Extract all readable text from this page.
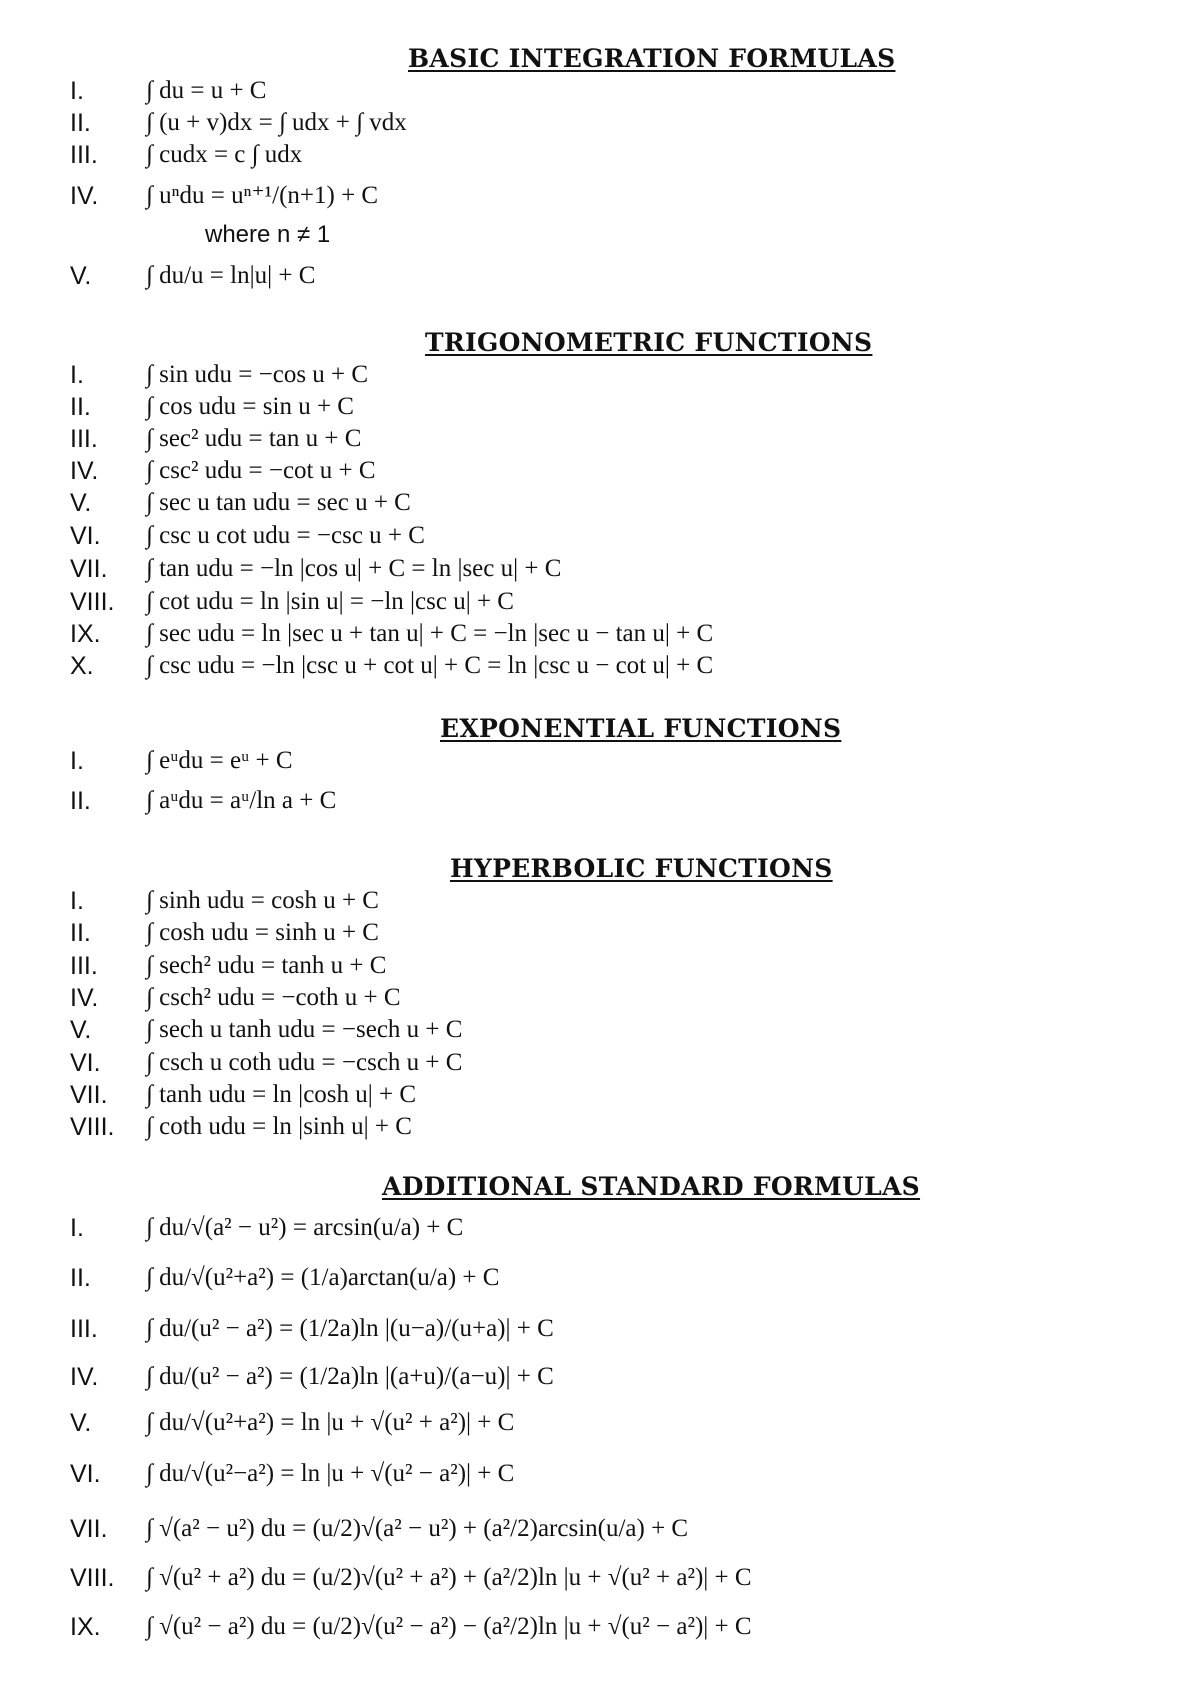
BASIC INTEGRATION FORMULAS
I. ∫ du = u + C
II. ∫ (u + v)dx = ∫ udx + ∫ vdx
III. ∫ cudx = c ∫ udx
IV. ∫ uⁿdu = uⁿ⁺¹/(n+1) + C
where n ≠ 1
V. ∫ du/u = ln|u| + C
TRIGONOMETRIC FUNCTIONS
I. ∫ sin udu = −cos u + C
II. ∫ cos udu = sin u + C
III. ∫ sec² udu = tan u + C
IV. ∫ csc² udu = −cot u + C
V. ∫ sec u tan udu = sec u + C
VI. ∫ csc u cot udu = −csc u + C
VII. ∫ tan udu = −ln |cos u| + C = ln |sec u| + C
VIII. ∫ cot udu = ln |sin u| = −ln |csc u| + C
IX. ∫ sec udu = ln |sec u + tan u| + C = −ln |sec u − tan u| + C
X. ∫ csc udu = −ln |csc u + cot u| + C = ln |csc u − cot u| + C
EXPONENTIAL FUNCTIONS
I. ∫ eᵘdu = eᵘ + C
II. ∫ aᵘdu = aᵘ/ln a + C
HYPERBOLIC FUNCTIONS
I. ∫ sinh udu = cosh u + C
II. ∫ cosh udu = sinh u + C
III. ∫ sech² udu = tanh u + C
IV. ∫ csch² udu = −coth u + C
V. ∫ sech u tanh udu = −sech u + C
VI. ∫ csch u coth udu = −csch u + C
VII. ∫ tanh udu = ln |cosh u| + C
VIII. ∫ coth udu = ln |sinh u| + C
ADDITIONAL STANDARD FORMULAS
I. ∫ du/√(a² − u²) = arcsin(u/a) + C
II. ∫ du/√(u²+a²) = (1/a)arctan(u/a) + C
III. ∫ du/(u² − a²) = (1/2a)ln |(u−a)/(u+a)| + C
IV. ∫ du/(u² − a²) = (1/2a)ln |(a+u)/(a−u)| + C
V. ∫ du/√(u²+a²) = ln |u + √(u² + a²)| + C
VI. ∫ du/√(u²−a²) = ln |u + √(u² − a²)| + C
VII. ∫ √(a² − u²) du = (u/2)√(a² − u²) + (a²/2)arcsin(u/a) + C
VIII. ∫ √(u² + a²) du = (u/2)√(u² + a²) + (a²/2)ln |u + √(u² + a²)| + C
IX. ∫ √(u² − a²) du = (u/2)√(u² − a²) − (a²/2)ln |u + √(u² − a²)| + C
